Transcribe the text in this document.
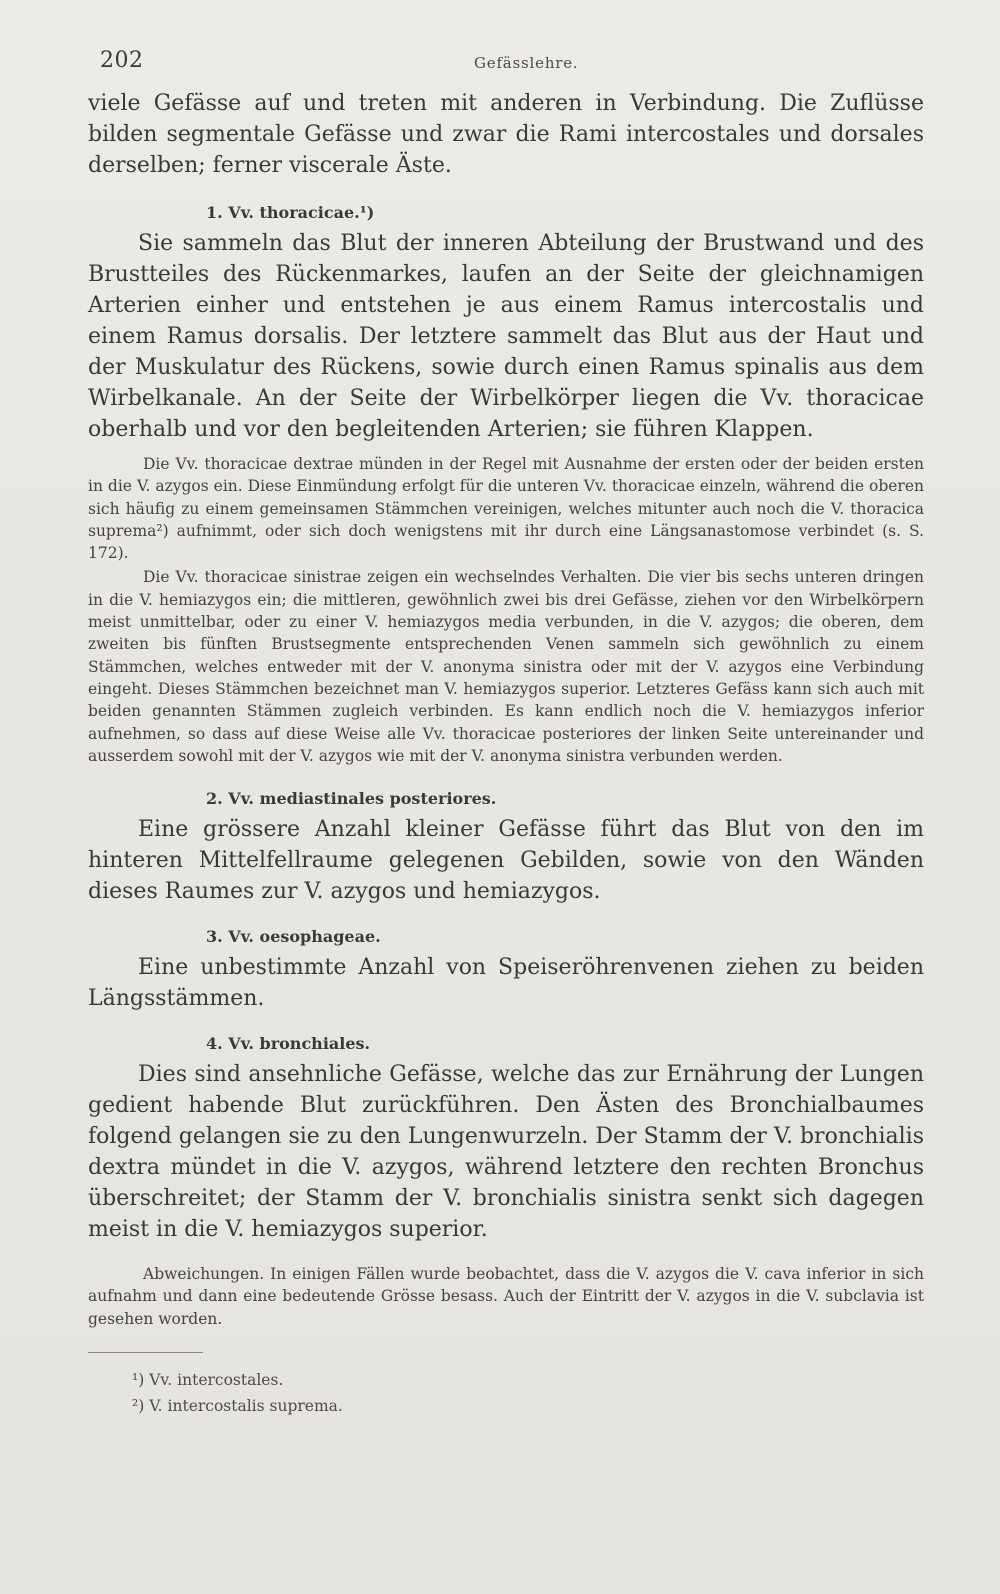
202	Gefässlehre.

viele Gefässe auf und treten mit anderen in Verbindung. Die Zuflüsse bilden segmentale Gefässe und zwar die Rami intercostales und dorsales derselben; ferner viscerale Äste.

1. Vv. thoracicae.¹)

Sie sammeln das Blut der inneren Abteilung der Brustwand und des Brustteiles des Rückenmarkes, laufen an der Seite der gleichnamigen Arterien einher und entstehen je aus einem Ramus intercostalis und einem Ramus dorsalis. Der letztere sammelt das Blut aus der Haut und der Muskulatur des Rückens, sowie durch einen Ramus spinalis aus dem Wirbelkanale. An der Seite der Wirbelkörper liegen die Vv. thoracicae oberhalb und vor den begleitenden Arterien; sie führen Klappen.

Die Vv. thoracicae dextrae münden in der Regel mit Ausnahme der ersten oder der beiden ersten in die V. azygos ein. Diese Einmündung erfolgt für die unteren Vv. thoracicae einzeln, während die oberen sich häufig zu einem gemeinsamen Stämmchen vereinigen, welches mitunter auch noch die V. thoracica suprema²) aufnimmt, oder sich doch wenigstens mit ihr durch eine Längsanastomose verbindet (s. S. 172).

Die Vv. thoracicae sinistrae zeigen ein wechselndes Verhalten. Die vier bis sechs unteren dringen in die V. hemiazygos ein; die mittleren, gewöhnlich zwei bis drei Gefässe, ziehen vor den Wirbelkörpern meist unmittelbar, oder zu einer V. hemiazygos media verbunden, in die V. azygos; die oberen, dem zweiten bis fünften Brustsegmente entsprechenden Venen sammeln sich gewöhnlich zu einem Stämmchen, welches entweder mit der V. anonyma sinistra oder mit der V. azygos eine Verbindung eingeht. Dieses Stämmchen bezeichnet man V. hemiazygos superior. Letzteres Gefäss kann sich auch mit beiden genannten Stämmen zugleich verbinden. Es kann endlich noch die V. hemiazygos inferior aufnehmen, so dass auf diese Weise alle Vv. thoracicae posteriores der linken Seite untereinander und ausserdem sowohl mit der V. azygos wie mit der V. anonyma sinistra verbunden werden.

2. Vv. mediastinales posteriores.

Eine grössere Anzahl kleiner Gefässe führt das Blut von den im hinteren Mittelfellraume gelegenen Gebilden, sowie von den Wänden dieses Raumes zur V. azygos und hemiazygos.

3. Vv. oesophageae.

Eine unbestimmte Anzahl von Speiseröhrenvenen ziehen zu beiden Längsstämmen.

4. Vv. bronchiales.

Dies sind ansehnliche Gefässe, welche das zur Ernährung der Lungen gedient habende Blut zurückführen. Den Ästen des Bronchialbaumes folgend gelangen sie zu den Lungenwurzeln. Der Stamm der V. bronchialis dextra mündet in die V. azygos, während letztere den rechten Bronchus überschreitet; der Stamm der V. bronchialis sinistra senkt sich dagegen meist in die V. hemiazygos superior.

Abweichungen. In einigen Fällen wurde beobachtet, dass die V. azygos die V. cava inferior in sich aufnahm und dann eine bedeutende Grösse besass. Auch der Eintritt der V. azygos in die V. subclavia ist gesehen worden.

¹) Vv. intercostales.

²) V. intercostalis suprema.
